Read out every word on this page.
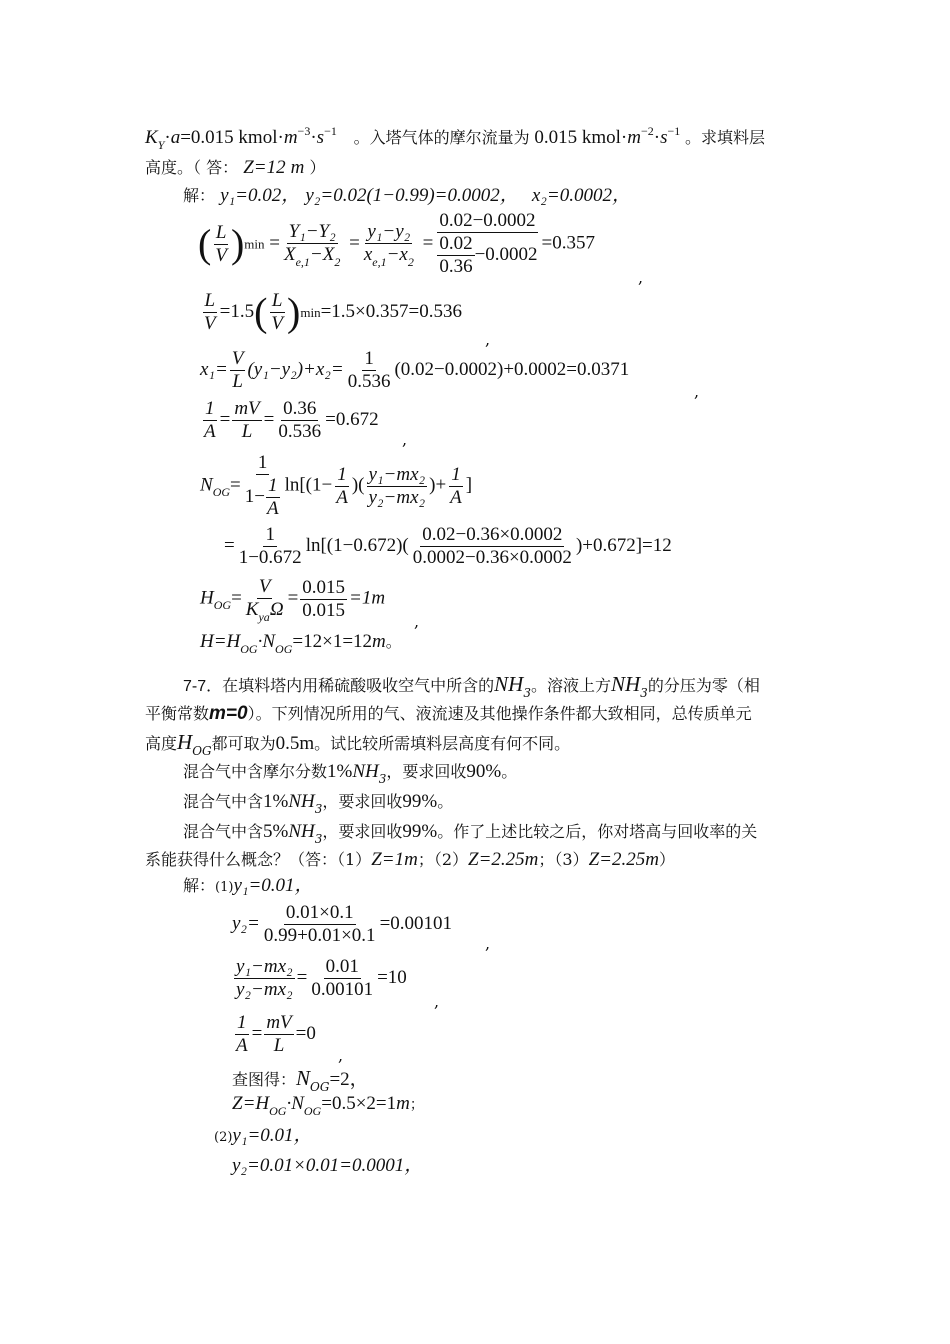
$K_Y\cdot a=0.015$ $kmol\cdot m^{-3}\cdot s^{-1}$ 。入塔气体的摩尔流量为 0.015 $kmol\cdot m^{-2}\cdot s^{-1}$ 。求填料层
高度。（ 答： Z=12 m ）
解： y₁=0.02， y₂=0.02(1−0.99)=0.0002， x₂=0.0002，
( $\frac{L}{V} )\min = \frac{\text{Y₁−Y₂}}{X_{e,1}-X_2} = \frac{\text{y₁−y₂}}{x_{e,1}-x_2} = \frac{0.02-0.0002}{\frac{0.02}{0.36} -0.0002} =0.357$
,
$\frac{L}{V} =1.5( \frac{L}{V} )\min=1.5\times 0.357=0.536$
,
$x_1= \frac{V}{L} (y_1-y_2)+x_2= \frac{1}{0.536} (0.02-0.0002)+0.0002=0.0371$
,
$\frac{1}{A} = \frac{mV}{L} = \frac{0.36}{0.536} =0.672$
,
$N_{OG}= \frac{1}{1- \frac{1}{A}} \ln[(1- \frac{1}{A}$ )( $\frac{\text{y₁−mx₂}}{\text{y₂−mx₂}}$ )+ $\frac{1}{A}$ ]
= $\frac{1}{1-0.672} \ln[(1-0.672)( \frac{0.02-0.36\times 0.0002}{0.0002-0.36\times 0.0002} )+0.672]=12$
$H_{OG}= \frac{V}{K_{ya}\Omega} = \frac{0.015}{0.015} =1m$
,
$H=H_{OG}\cdot N_{OG}=12\times 1=12m$。
7-7．在填料塔内用稀硫酸吸收空气中所含的$NH_3$。溶液上方$NH_3$的分压为零（相
平衡常数m=0）。下列情况所用的气、液流速及其他操作条件都大致相同，总传质单元
高度$H_{OG}$都可取为0.5m。试比较所需填料层高度有何不同。
混合气中含摩尔分数$1\%NH_3$，要求回收90%。
混合气中含$1\%NH_3$，要求回收99%。
混合气中含$5\%NH_3$，要求回收99%。作了上述比较之后，你对塔高与回收率的关
系能获得什么概念？（答：（1）Z=1m；（2）Z=2.25m；（3）Z=2.25m）
解：(1)y₁=0.01，
$y_2= \frac{0.01\times 0.1}{0.99+0.01\times 0.1} =0.00101$
,
$\frac{\text{y₁−mx₂}}{\text{y₂−mx₂}} = \frac{0.01}{0.00101} =10$
,
$\frac{1}{A} = \frac{mV}{L} =0$
,
查图得：$N_{OG}=2$，
$Z=H_{OG}\cdot N_{OG}=0.5\times 2=1m$；
(2)y₁=0.01，
y₂=0.01×0.01=0.0001，
